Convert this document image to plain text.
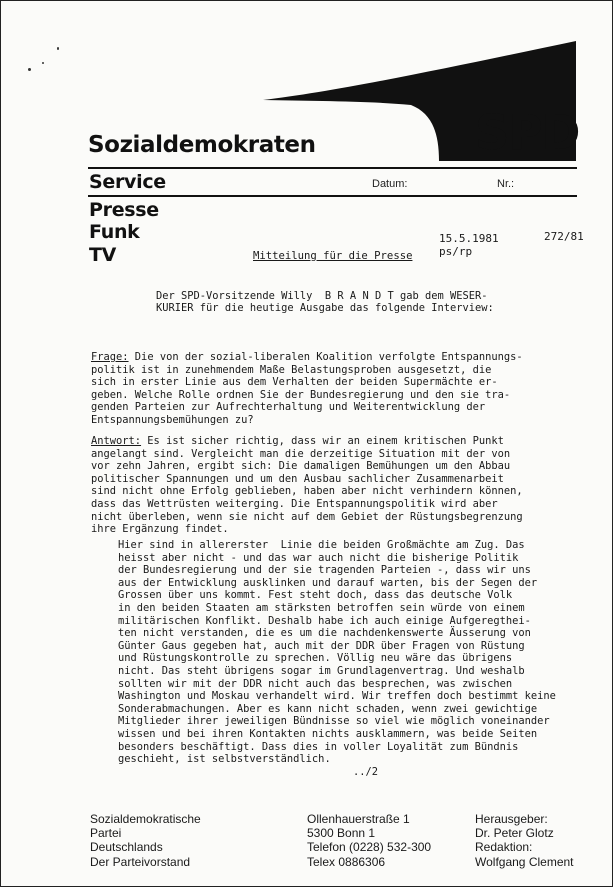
SPD
Sozialdemokraten
Service
Presse
Funk
TV
Datum:	Nr.:
15.5.1981
ps/rp
272/81
Mitteilung für die Presse
Der SPD-Vorsitzende Willy  B R A N D T gab dem WESER-
KURIER für die heutige Ausgabe das folgende Interview:
Frage: Die von der sozial-liberalen Koalition verfolgte Entspannungs-
politik ist in zunehmendem Maße Belastungsproben ausgesetzt, die
sich in erster Linie aus dem Verhalten der beiden Supermächte er-
geben. Welche Rolle ordnen Sie der Bundesregierung und den sie tra-
genden Parteien zur Aufrechterhaltung und Weiterentwicklung der
Entspannungsbemühungen zu?
Antwort: Es ist sicher richtig, dass wir an einem kritischen Punkt
angelangt sind. Vergleicht man die derzeitige Situation mit der von
vor zehn Jahren, ergibt sich: Die damaligen Bemühungen um den Abbau
politischer Spannungen und um den Ausbau sachlicher Zusammenarbeit
sind nicht ohne Erfolg geblieben, haben aber nicht verhindern können,
dass das Wettrüsten weiterging. Die Entspannungspolitik wird aber
nicht überleben, wenn sie nicht auf dem Gebiet der Rüstungsbegrenzung
ihre Ergänzung findet.
Hier sind in allererster  Linie die beiden Großmächte am Zug. Das
heisst aber nicht - und das war auch nicht die bisherige Politik
der Bundesregierung und der sie tragenden Parteien -, dass wir uns
aus der Entwicklung ausklinken und darauf warten, bis der Segen der
Grossen über uns kommt. Fest steht doch, dass das deutsche Volk
in den beiden Staaten am stärksten betroffen sein würde von einem
militärischen Konflikt. Deshalb habe ich auch einige Aufgeregthei-
ten nicht verstanden, die es um die nachdenkenswerte Äusserung von
Günter Gaus gegeben hat, auch mit der DDR über Fragen von Rüstung
und Rüstungskontrolle zu sprechen. Völlig neu wäre das übrigens
nicht. Das steht übrigens sogar im Grundlagenvertrag. Und weshalb
sollten wir mit der DDR nicht auch das besprechen, was zwischen
Washington und Moskau verhandelt wird. Wir treffen doch bestimmt keine
Sonderabmachungen. Aber es kann nicht schaden, wenn zwei gewichtige
Mitglieder ihrer jeweiligen Bündnisse so viel wie möglich voneinander
wissen und bei ihren Kontakten nichts ausklammern, was beide Seiten
besonders beschäftigt. Dass dies in voller Loyalität zum Bündnis
geschieht, ist selbstverständlich.
../2
Sozialdemokratische
Partei
Deutschlands
Der Parteivorstand
Ollenhauerstraße 1
5300 Bonn 1
Telefon (0228) 532-300
Telex 0886306
Herausgeber:
Dr. Peter Glotz
Redaktion:
Wolfgang Clement
